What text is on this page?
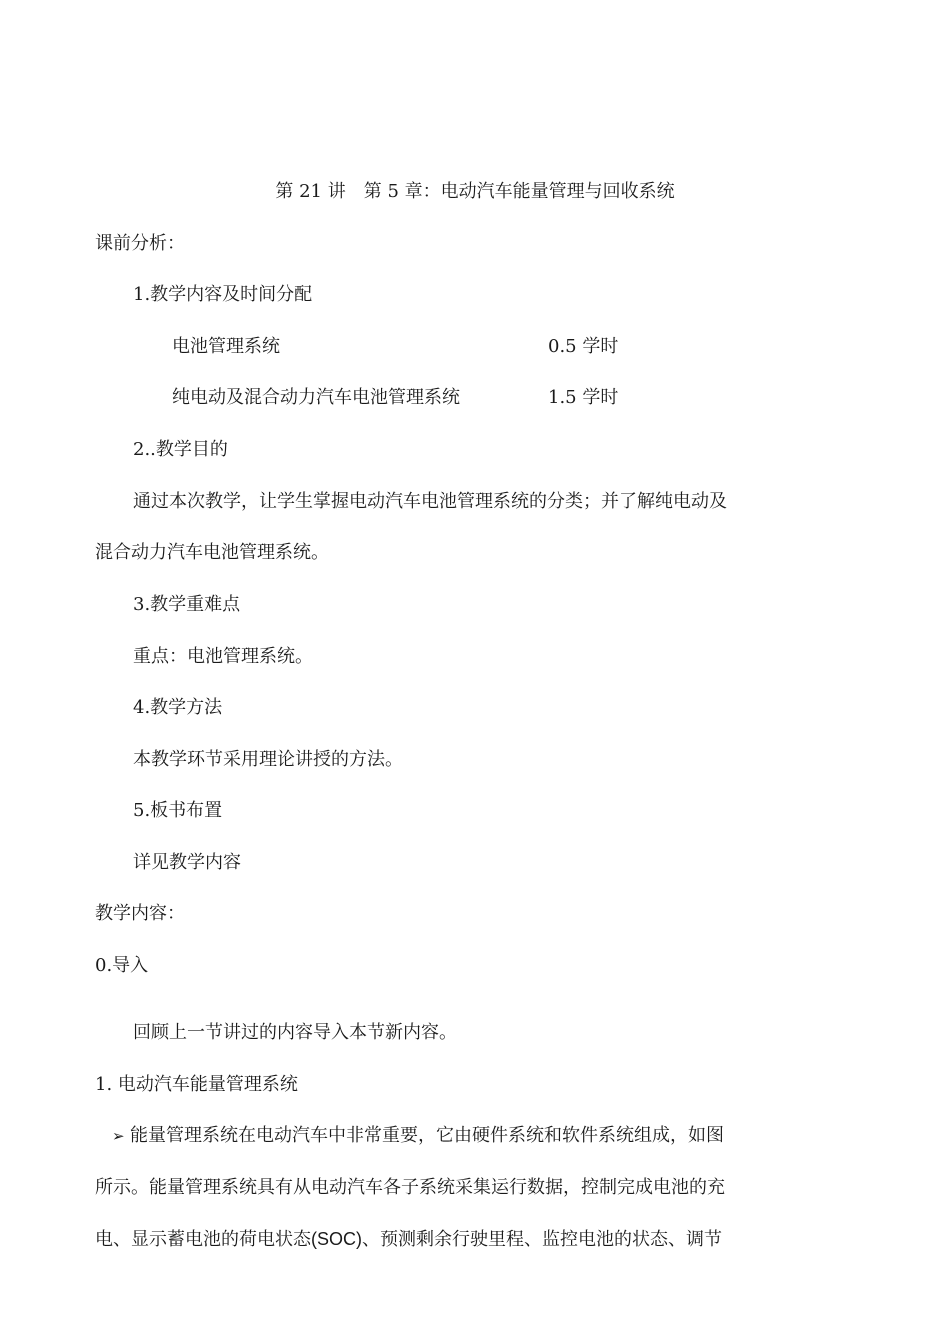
第 21 讲　第 5 章：电动汽车能量管理与回收系统
课前分析：
1.教学内容及时间分配
电池管理系统	0.5 学时
纯电动及混合动力汽车电池管理系统	1.5 学时
2..教学目的
通过本次教学，让学生掌握电动汽车电池管理系统的分类；并了解纯电动及
混合动力汽车电池管理系统。
3.教学重难点
重点：电池管理系统。
4.教学方法
本教学环节采用理论讲授的方法。
5.板书布置
详见教学内容
教学内容：
0.导入
回顾上一节讲过的内容导入本节新内容。
1. 电动汽车能量管理系统
➢ 能量管理系统在电动汽车中非常重要，它由硬件系统和软件系统组成，如图
所示。能量管理系统具有从电动汽车各子系统采集运行数据，控制完成电池的充
电、显示蓄电池的荷电状态(SOC)、预测剩余行驶里程、监控电池的状态、调节
